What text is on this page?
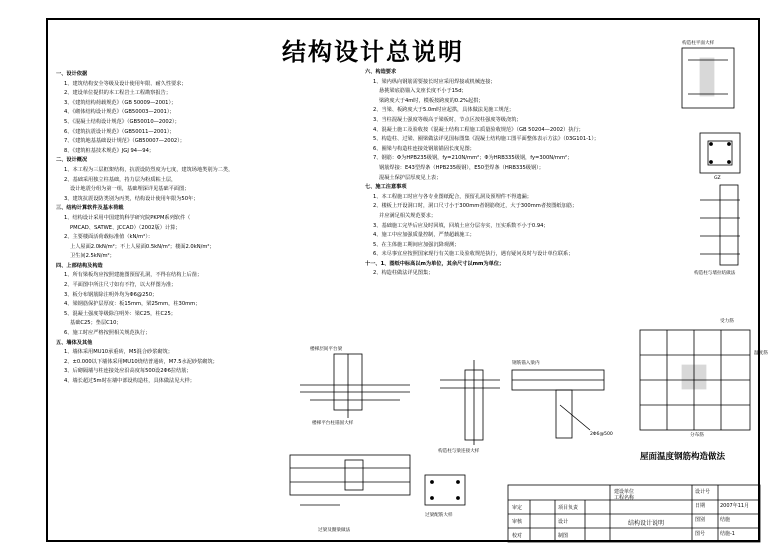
结构设计总说明
一、设计依据
1、建筑结构安全等级及设计使用年限、耐久性要求；
2、建设单位提供的本工程岩土工程勘察报告；
3、《建筑结构荷载规范》（GB 50009—2001）；
4、《砌体结构设计规范》（GB50003—2001）；
5、《混凝土结构设计规范》（GB50010—2002）；
6、《建筑抗震设计规范》（GB50011—2001）；
7、《建筑地基基础设计规范》（GB50007—2002）；
8、《建筑桩基技术规范》JGJ 94—94；
二、设计概况
1、本工程为三层框架结构，抗震设防烈度为七度，建筑场地类别为二类，
2、基础采用独立柱基础，持力层为粉质粘土层，
设计地震分组为第一组，基础埋深详见基础平面图；
3、建筑抗震设防类别为丙类，结构设计使用年限为50年；
三、结构计算软件及基本荷载
1、结构设计采用中国建筑科学研究院PKPM系列软件（
PMCAD、SATWE、JCCAD）（2002版）计算；
2、主要楼面活荷载标准值（kN/m²）：
上人屋面2.0kN/m²；不上人屋面0.5kN/m²；楼面2.0kN/m²；
卫生间2.5kN/m²；
四、上部结构及构造
1、所有梁板均应按照建施图预留孔洞，不得在结构上后凿；
2、平面图中所注尺寸如有不符，以大样图为准；
3、板分布钢筋除注明外均为Φ6@250；
4、梁钢筋保护层厚度：板15mm，梁25mm，柱30mm；
5、混凝土强度等级除注明外：梁C25，柱C25；
基础C25；垫层C10；
6、施工时应严格按照相关规范执行；
五、墙体及其他
1、墙体采用MU10承重砖，M5混合砂浆砌筑；
2、±0.000以下墙体采用MU10烧结普通砖，M7.5水泥砂浆砌筑；
3、后砌隔墙与柱连接处应沿高度每500设2Φ6拉结筋；
4、墙长超过5m时在墙中部设构造柱，具体做法见大样；
六、构造要求
1、梁内纵向钢筋需要接长时应采用焊接或机械连接；
悬挑梁底筋锚入支座长度不小于15d；
梁跨度大于4m时，模板按跨度的0.2%起拱；
2、当梁、板跨度大于5.0m时应起拱，具体做法见施工规范；
3、当柱混凝土强度等级高于梁板时，节点区按柱强度等级浇筑；
4、混凝土施工及验收按《混凝土结构工程施工质量验收规范》（GB 50204—2002）执行；
5、构造柱、过梁、圈梁做法详见国标图集《混凝土结构施工图平面整体表示方法》（03G101-1）；
6、圈梁与构造柱连接处钢筋锚固长度见图；
7、钢筋：Φ为HPB235级钢，fy=210N/mm²；Φ为HRB335级钢，fy=300N/mm²；
钢筋焊接：E43型焊条（HPB235级钢），E50型焊条（HRB335级钢）；
混凝土保护层厚度见上表；
七、施工注意事项
1、本工程施工时应与各专业图纸配合，预留孔洞及预埋件不得遗漏；
2、楼板上开设洞口时，洞口尺寸小于300mm者钢筋绕过，大于300mm者按图纸加筋；
并应满足相关规范要求；
3、基础施工完毕后应及时回填，回填土应分层夯实，压实系数不小于0.94；
4、施工中应加强质量控制，严禁超载施工；
5、在主体施工期间应加强沉降观测；
6、未尽事宜应按照国家现行有关施工及验收规范执行，遇有疑问及时与设计单位联系；
十一、1、图纸中标高以m为单位，其余尺寸以mm为单位；
2、构造柱做法详见图集；
构造柱平面大样
GZ
构造柱与墙拉结做法
楼梯层间平台梁
楼梯平台柱锚固大样
构造柱与梁连接大样
钢筋锚入梁内
2Φ6@500
屋面温度钢筋构造做法
温度筋
受力筋
分布筋
过梁及圈梁做法
过梁配筋大样
建设单位
工程名称
结构设计说明
审定	项目负责
审核	设计
校对	制图
设计号
日期	2007年11月
图别	结施
图号	结施-1
